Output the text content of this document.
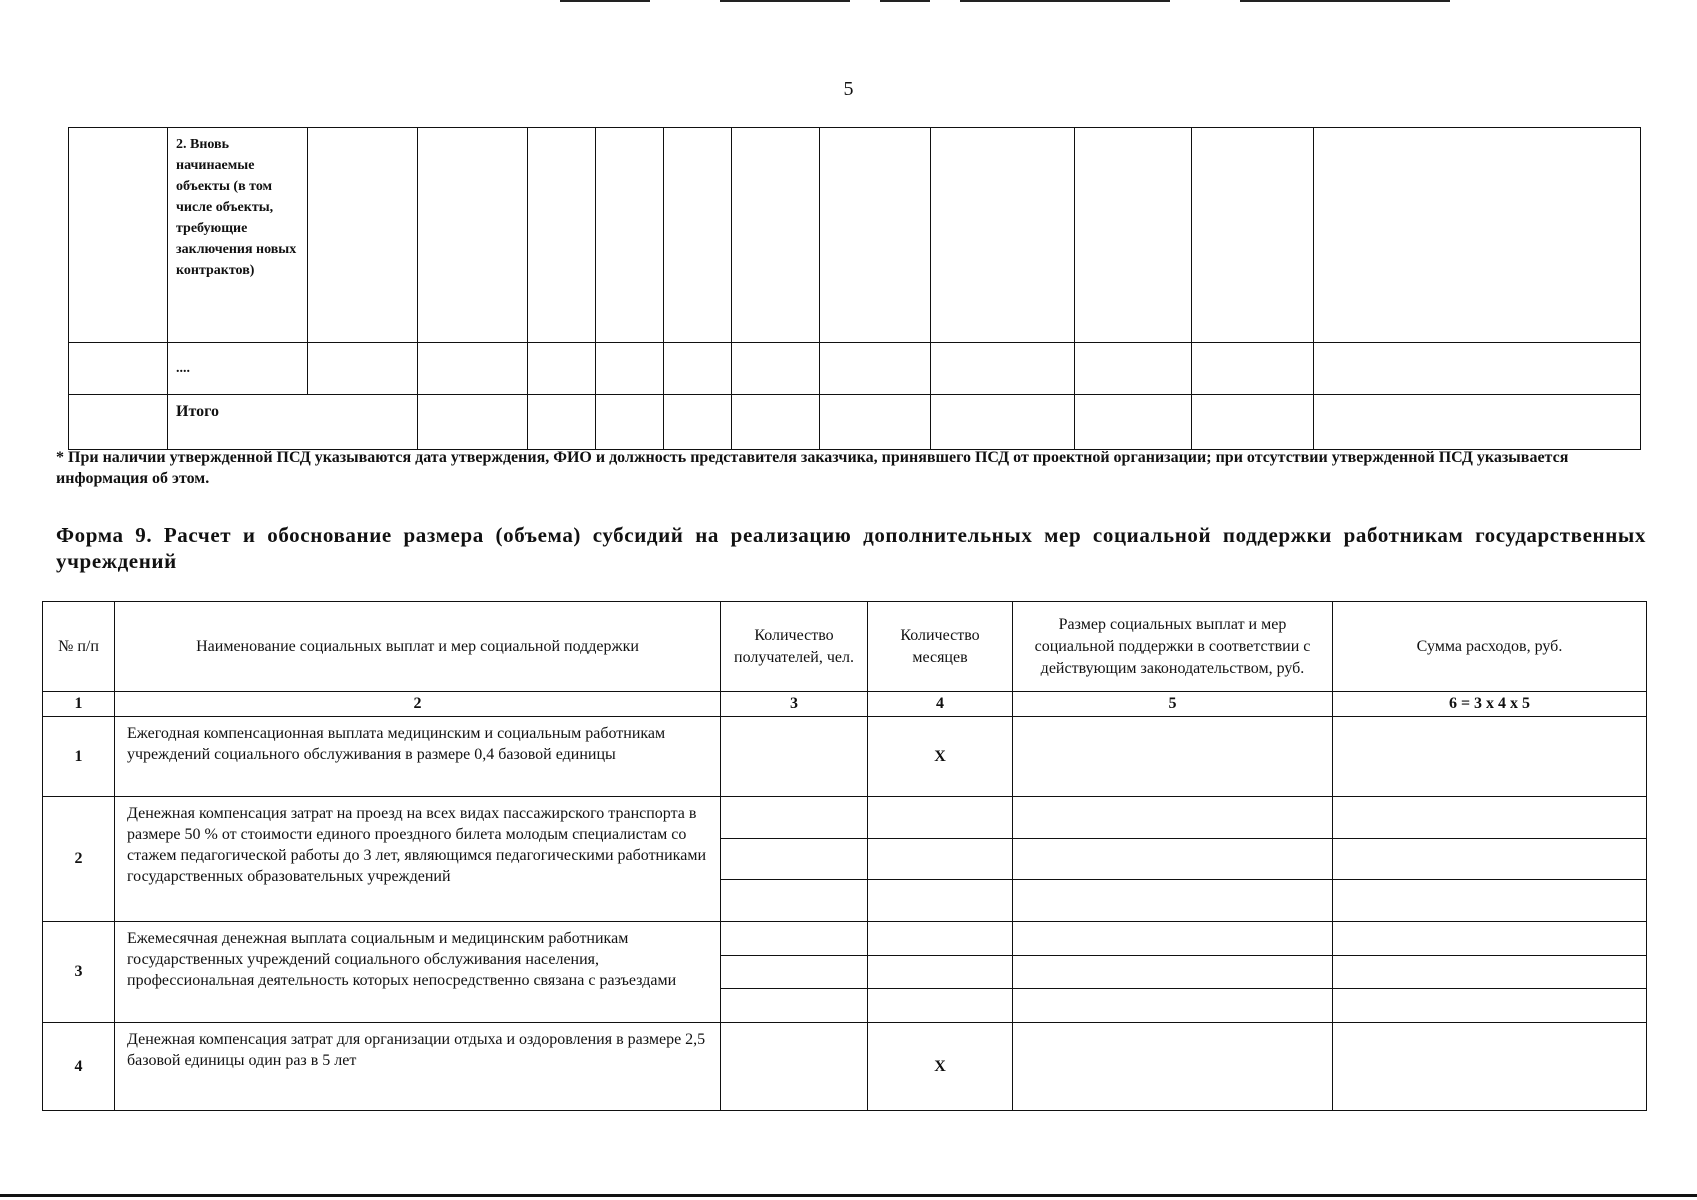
5
	2. Вновь начинаемые объекты (в том числе объекты, требующие заключения новых контрактов)											
	....											
	Итого											
* При наличии утвержденной ПСД указываются дата утверждения, ФИО и должность представителя заказчика, принявшего ПСД от проектной организации; при отсутствии утвержденной ПСД указывается информация об этом.
Форма 9. Расчет и обоснование размера (объема) субсидий на реализацию дополнительных мер социальной поддержки работникам государственных учреждений
№ п/п	Наименование социальных выплат и мер социальной поддержки	Количество получателей, чел.	Количество месяцев	Размер социальных выплат и мер социальной поддержки в соответствии с действующим законодательством, руб.	Сумма расходов, руб.
1	2	3	4	5	6 = 3 x 4 x 5
1	Ежегодная компенсационная выплата медицинским и социальным работникам учреждений социального обслуживания в размере 0,4 базовой единицы		X		
2	Денежная компенсация затрат на проезд на всех видах пассажирского транспорта в размере 50 % от стоимости единого проездного билета молодым специалистам со стажем педагогической работы до 3 лет, являющимся педагогическими работниками государственных образовательных учреждений	

3	Ежемесячная денежная выплата социальным и медицинским работникам государственных учреждений социального обслуживания населения, профессиональная деятельность которых непосредственно связана с разъездами	

4	Денежная компенсация затрат для организации отдыха и оздоровления в размере 2,5 базовой единицы один раз в 5 лет		X		
